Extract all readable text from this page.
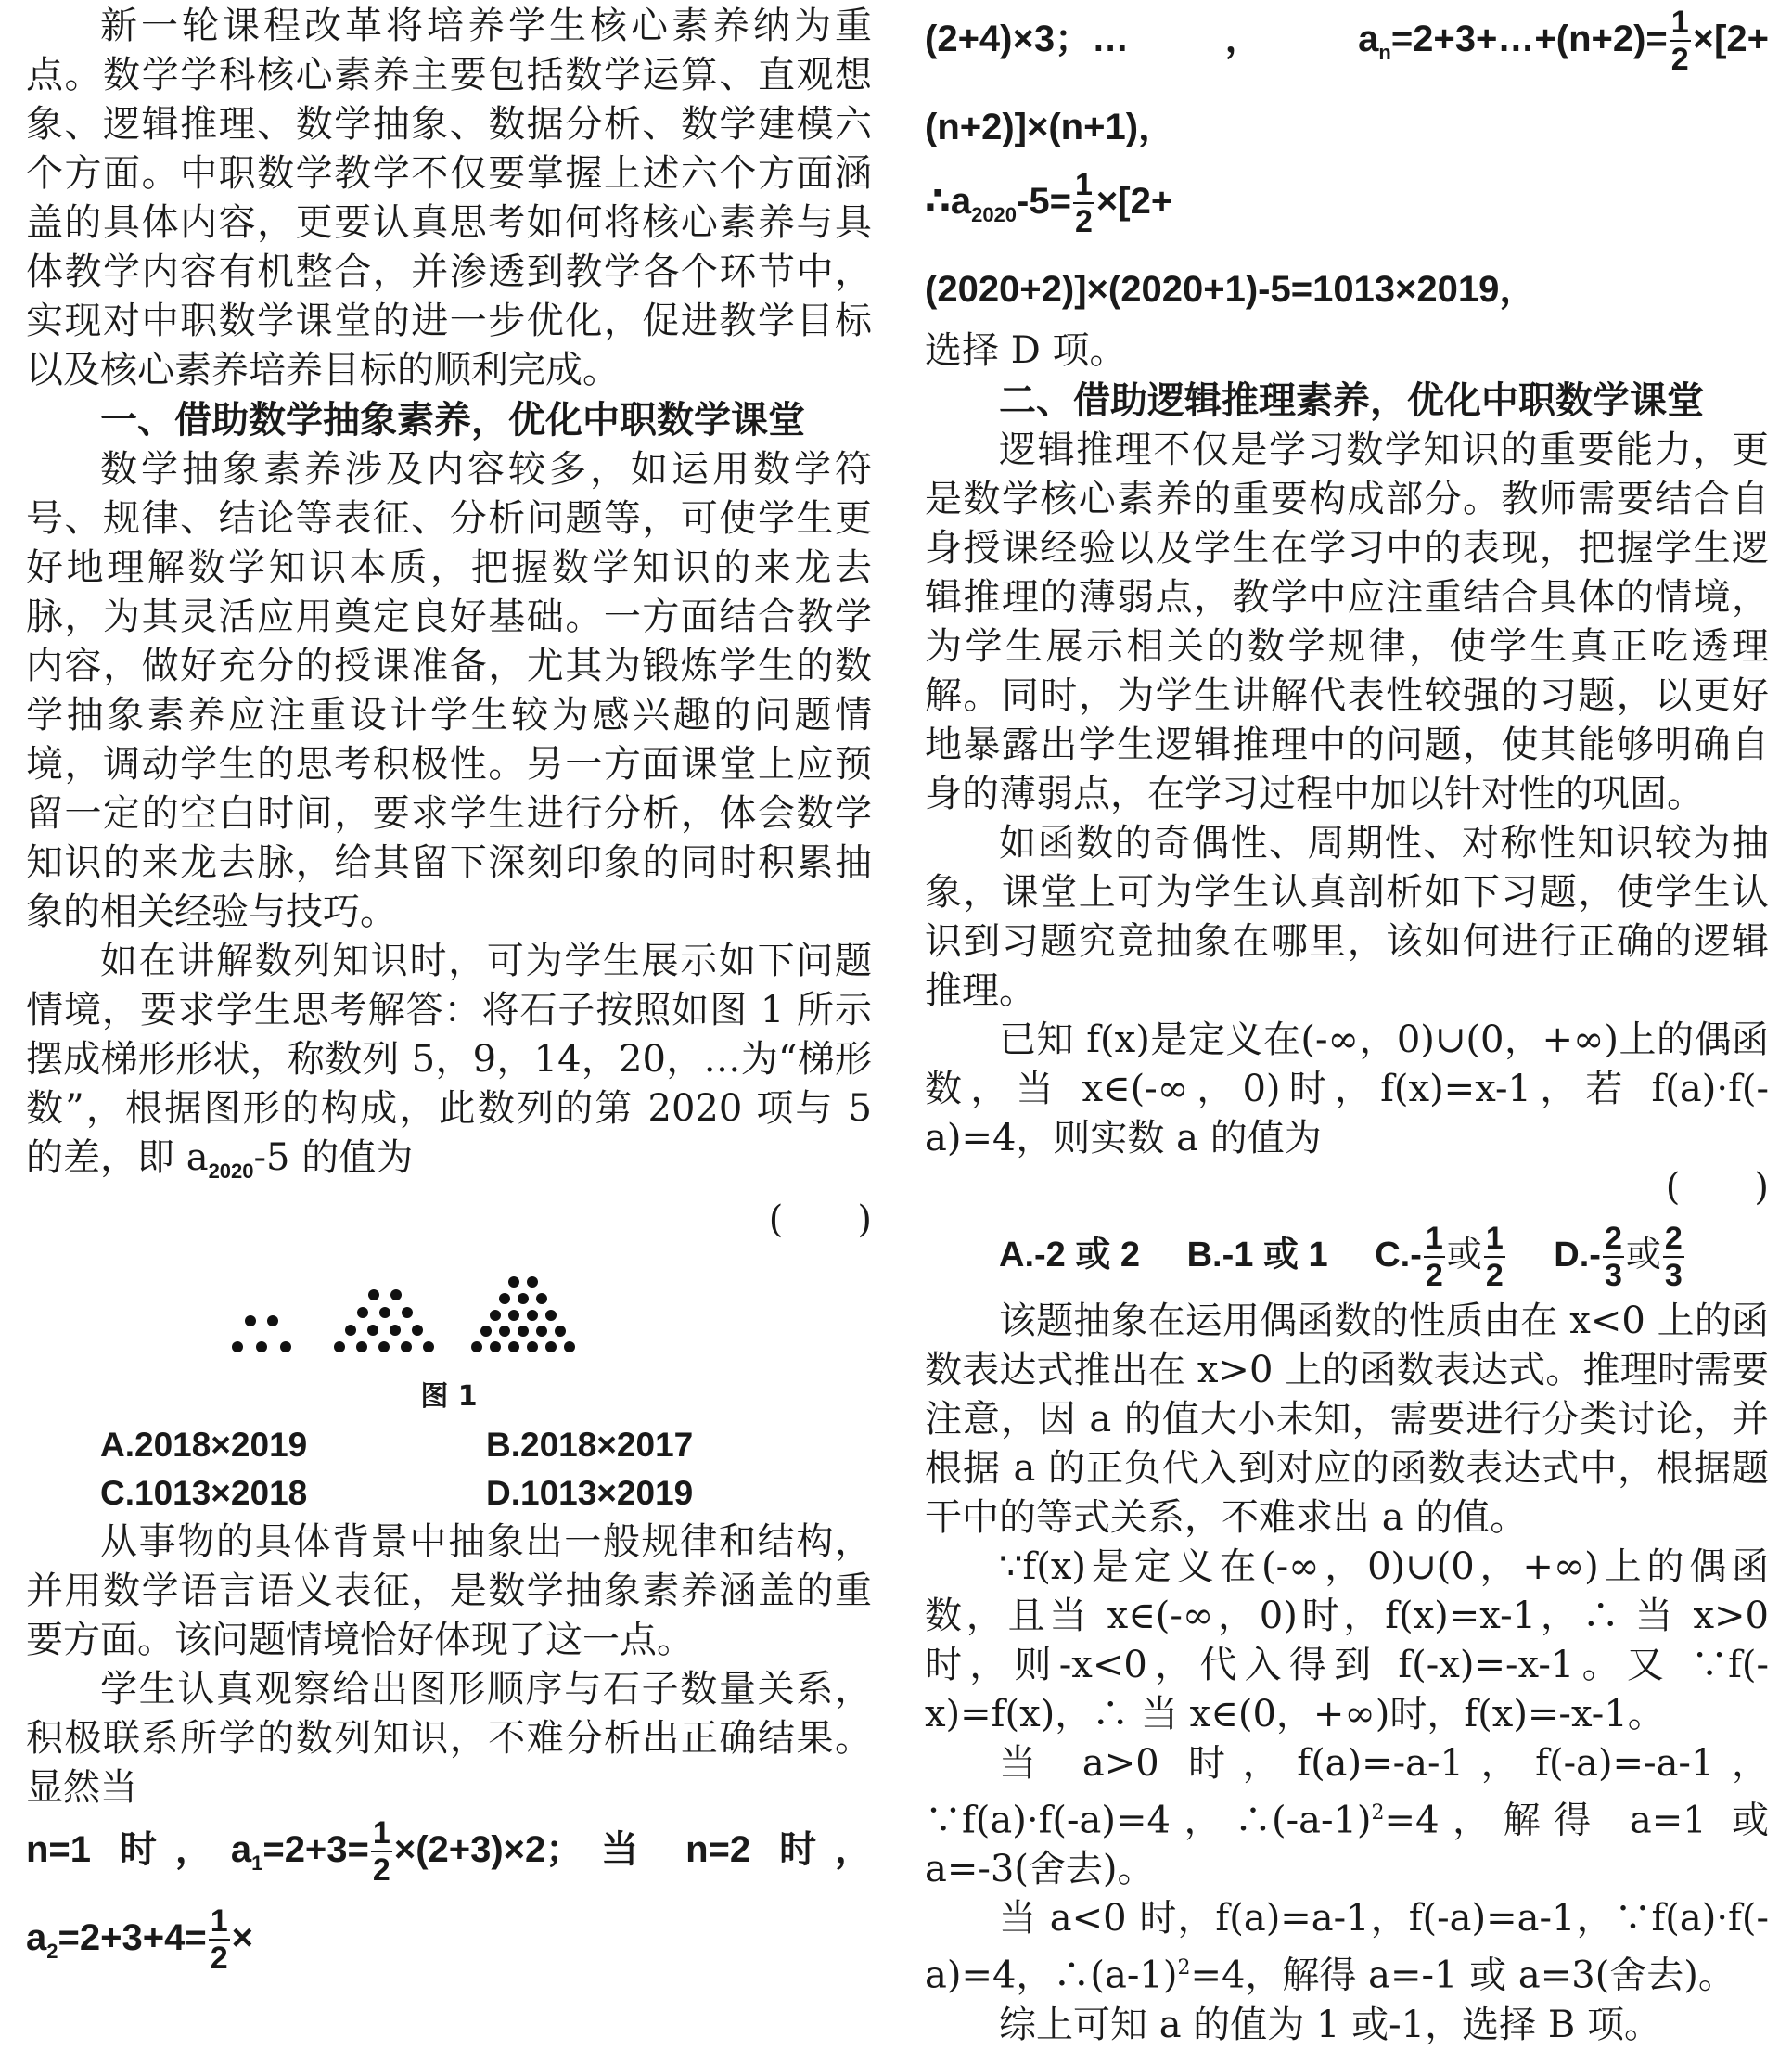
新一轮课程改革将培养学生核心素养纳为重点。数学学科核心素养主要包括数学运算、直观想象、逻辑推理、数学抽象、数据分析、数学建模六个方面。中职数学教学不仅要掌握上述六个方面涵盖的具体内容，更要认真思考如何将核心素养与具体教学内容有机整合，并渗透到教学各个环节中，实现对中职数学课堂的进一步优化，促进教学目标以及核心素养培养目标的顺利完成。

一、借助数学抽象素养，优化中职数学课堂

数学抽象素养涉及内容较多，如运用数学符号、规律、结论等表征、分析问题等，可使学生更好地理解数学知识本质，把握数学知识的来龙去脉，为其灵活应用奠定良好基础。一方面结合教学内容，做好充分的授课准备，尤其为锻炼学生的数学抽象素养应注重设计学生较为感兴趣的问题情境，调动学生的思考积极性。另一方面课堂上应预留一定的空白时间，要求学生进行分析，体会数学知识的来龙去脉，给其留下深刻印象的同时积累抽象的相关经验与技巧。

如在讲解数列知识时，可为学生展示如下问题情境，要求学生思考解答：将石子按照如图 1 所示摆成梯形形状，称数列 5，9，14，20，…为“梯形数”，根据图形的构成，此数列的第 2020 项与 5 的差，即 $a_{2020}-5$ 的值为

(　　)

图 1
A.2018×2019	B.2018×2017
C.1013×2018	D.1013×2019

从事物的具体背景中抽象出一般规律和结构，并用数学语言语义表征，是数学抽象素养涵盖的重要方面。该问题情境恰好体现了这一点。

学生认真观察给出图形顺序与石子数量关系，积极联系所学的数列知识，不难分析出正确结果。显然当

n=1 时，$a_1=2+3= \frac{1}{2} \times(2+3)\times 2$；当 n=2 时，$a_2=2+3+4= \frac{1}{2}$ ×

(2+4)×3；…，$a_n=2+3+\dots+(n+2)= \frac{1}{2} \times[2+(n+2)]\times(n+1)$，

$\therefore a_{2020}-5= \frac{1}{2} \times[2+(2020+2)]\times(2020+1)-5=1013\times 2019$，

选择 D 项。

二、借助逻辑推理素养，优化中职数学课堂

逻辑推理不仅是学习数学知识的重要能力，更是数学核心素养的重要构成部分。教师需要结合自身授课经验以及学生在学习中的表现，把握学生逻辑推理的薄弱点，教学中应注重结合具体的情境，为学生展示相关的数学规律，使学生真正吃透理解。同时，为学生讲解代表性较强的习题，以更好地暴露出学生逻辑推理中的问题，使其能够明确自身的薄弱点，在学习过程中加以针对性的巩固。

如函数的奇偶性、周期性、对称性知识较为抽象，课堂上可为学生认真剖析如下习题，使学生认识到习题究竟抽象在哪里，该如何进行正确的逻辑推理。

已知 f(x)是定义在(-∞，0)∪(0，+∞)上的偶函数，当 x∈(-∞，0)时，f(x)=x-1，若 f(a)·f(-a)=4，则实数 a 的值为

(　　)

A.-2 或 2 B.-1 或 1 $C.- \frac{1}{2}$ 或 $\frac{1}{2} D.- \frac{2}{3}$ 或 $\frac{2}{3}$

该题抽象在运用偶函数的性质由在 x<0 上的函数表达式推出在 x>0 上的函数表达式。推理时需要注意，因 a 的值大小未知，需要进行分类讨论，并根据 a 的正负代入到对应的函数表达式中，根据题干中的等式关系，不难求出 a 的值。

∵f(x)是定义在(-∞，0)∪(0，+∞)上的偶函数，且当 x∈(-∞，0)时，f(x)=x-1，∴ 当 x>0 时，则-x<0，代入得到 f(-x)=-x-1。又 ∵f(-x)=f(x)，∴ 当 x∈(0，+∞)时，f(x)=-x-1。

当 a>0 时，f(a)=-a-1，f(-a)=-a-1，∵f(a)·f(-a)=4，$\therefore(-a-1)^2=4$，解得 a=1 或 a=-3(舍去)。

当 a<0 时，f(a)=a-1，f(-a)=a-1，∵f(a)·f(-a)=4，$\therefore(a-1)^2=4$，解得 a=-1 或 a=3(舍去)。

综上可知 a 的值为 1 或-1，选择 B 项。
